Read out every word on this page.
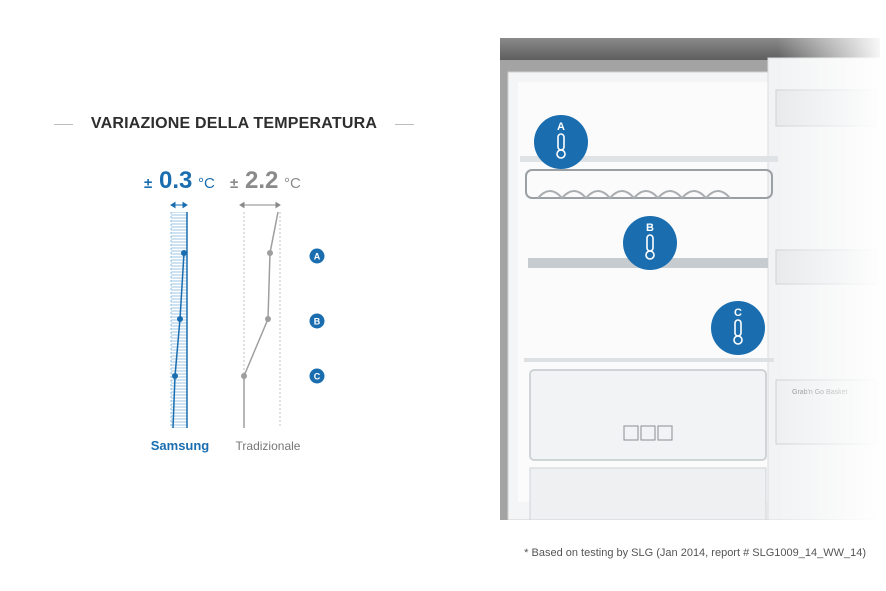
VARIAZIONE DELLA TEMPERATURA
± 0.3 °C ± 2.2 °C
A
B
C
Samsung Tradizionale
* Based on testing by SLG (Jan 2014, report # SLG1009_14_WW_14)
